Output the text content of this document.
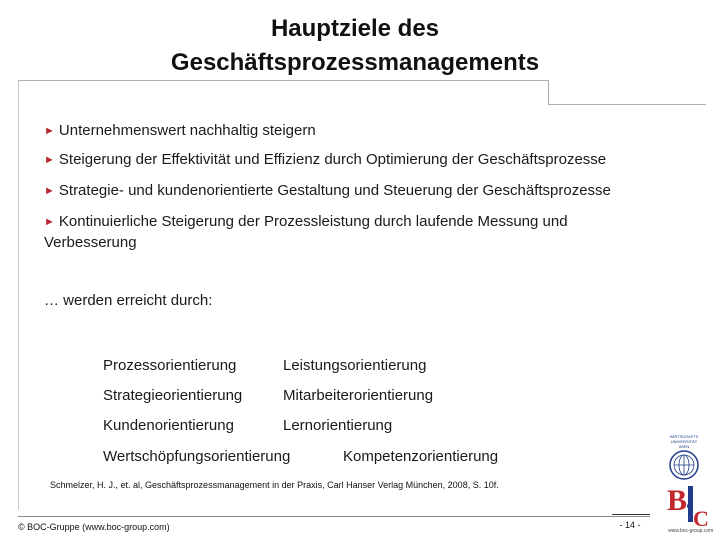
Hauptziele des
Geschäftsprozessmanagements
► Unternehmenswert nachhaltig steigern
► Steigerung der Effektivität und Effizienz durch Optimierung der Geschäftsprozesse
► Strategie- und kundenorientierte Gestaltung und Steuerung der Geschäftsprozesse
► Kontinuierliche Steigerung der Prozessleistung durch laufende Messung und
Verbesserung
… werden erreicht durch:
Prozessorientierung	Leistungsorientierung
Strategieorientierung	Mitarbeiterorientierung
Kundenorientierung	Lernorientierung
Wertschöpfungsorientierung	Kompetenzorientierung
Schmelzer, H. J., et. al, Geschäftsprozessmanagement in der Praxis, Carl Hanser Verlag München, 2008, S. 10f.
© BOC-Gruppe (www.boc-group.com)	- 14 -
WIRTSCHAFTS
UNIVERSITÄT
WIEN
B
C
www.boc-group.com
